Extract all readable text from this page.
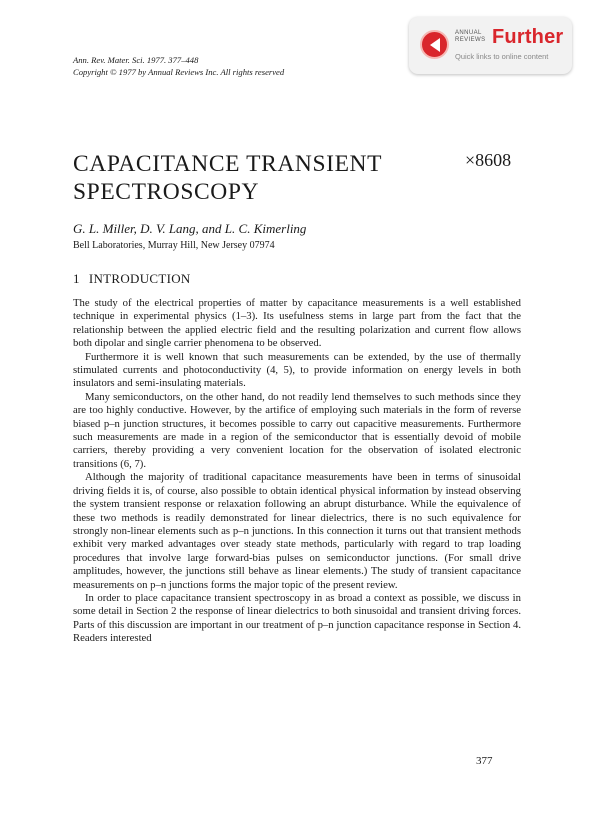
Ann. Rev. Mater. Sci. 1977. 377–448
Copyright © 1977 by Annual Reviews Inc. All rights reserved
ANNUAL
REVIEWS Further
Quick links to online content
CAPACITANCE TRANSIENT
SPECTROSCOPY
×8608
G. L. Miller, D. V. Lang, and L. C. Kimerling
Bell Laboratories, Murray Hill, New Jersey 07974
1 INTRODUCTION

The study of the electrical properties of matter by capacitance measurements is a well established technique in experimental physics (1–3). Its usefulness stems in large part from the fact that the relationship between the applied electric field and the resulting polarization and current flow allows both dipolar and single carrier phenomena to be observed.

Furthermore it is well known that such measurements can be extended, by the use of thermally stimulated currents and photoconductivity (4, 5), to provide information on energy levels in both insulators and semi-insulating materials.

Many semiconductors, on the other hand, do not readily lend themselves to such methods since they are too highly conductive. However, by the artifice of employing such materials in the form of reverse biased p–n junction structures, it becomes possible to carry out capacitive measurements. Furthermore such measurements are made in a region of the semiconductor that is essentially devoid of mobile carriers, thereby providing a very convenient location for the observation of isolated electronic transitions (6, 7).

Although the majority of traditional capacitance measurements have been in terms of sinusoidal driving fields it is, of course, also possible to obtain identical physical information by instead observing the system transient response or relaxation following an abrupt disturbance. While the equivalence of these two methods is readily demonstrated for linear dielectrics, there is no such equivalence for strongly non-linear elements such as p–n junctions. In this connection it turns out that transient methods exhibit very marked advantages over steady state methods, particularly with regard to trap loading procedures that involve large forward-bias pulses on semiconductor junctions. (For small drive amplitudes, however, the junctions still behave as linear elements.) The study of transient capacitance measurements on p–n junctions forms the major topic of the present review.

In order to place capacitance transient spectroscopy in as broad a context as possible, we discuss in some detail in Section 2 the response of linear dielectrics to both sinusoidal and transient driving forces. Parts of this discussion are important in our treatment of p–n junction capacitance response in Section 4. Readers interested

377
